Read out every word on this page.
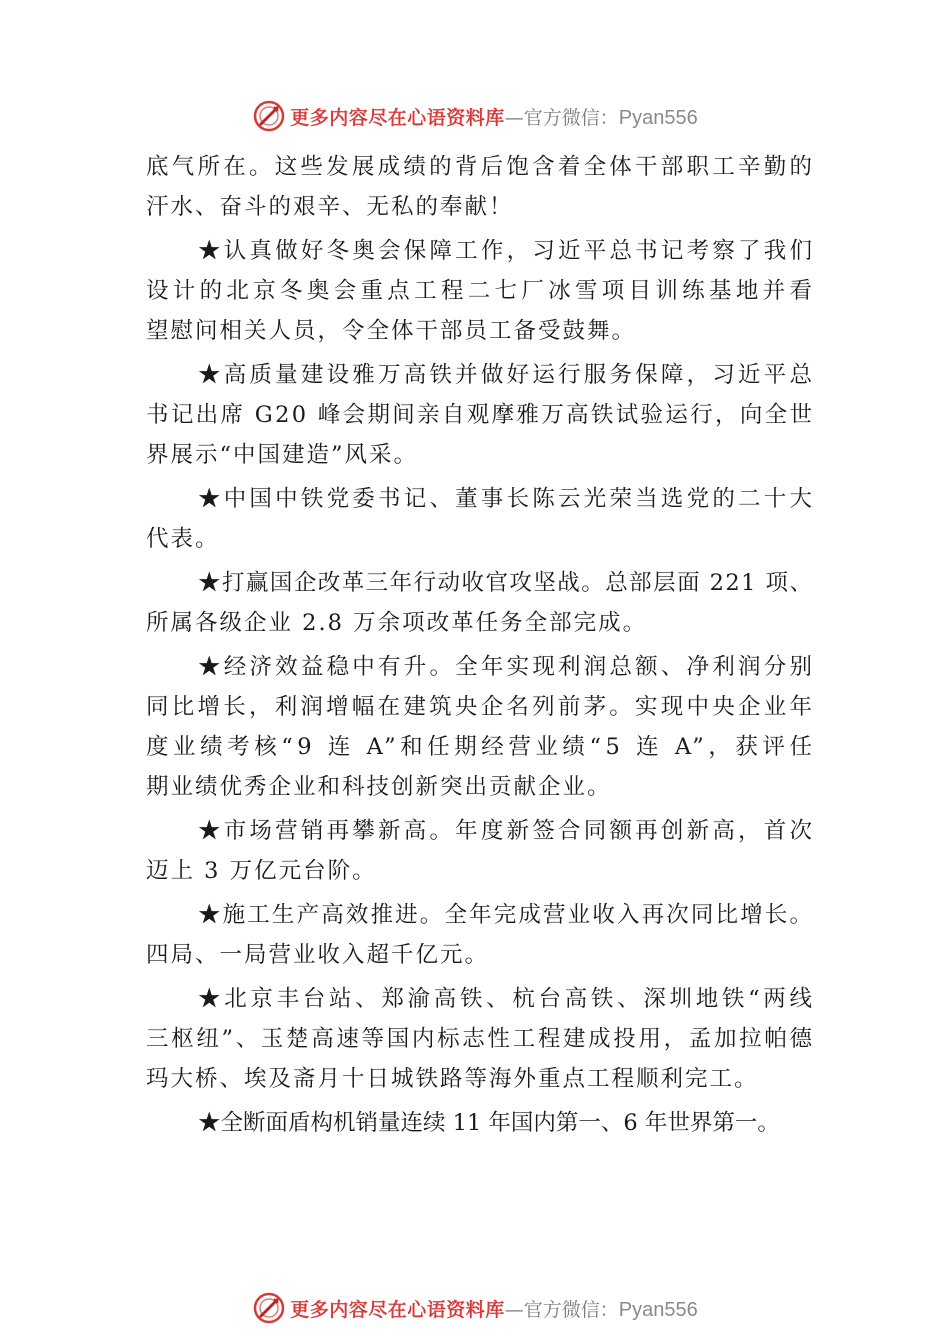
更多内容尽在心语资料库 —官方微信：Pyan556
底气所在。这些发展成绩的背后饱含着全体干部职工辛勤的
汗水、奋斗的艰辛、无私的奉献！
★认真做好冬奥会保障工作，习近平总书记考察了我们
设计的北京冬奥会重点工程二七厂冰雪项目训练基地并看
望慰问相关人员，令全体干部员工备受鼓舞。
★高质量建设雅万高铁并做好运行服务保障，习近平总
书记出席 G20 峰会期间亲自观摩雅万高铁试验运行，向全世
界展示“中国建造”风采。
★中国中铁党委书记、董事长陈云光荣当选党的二十大
代表。
★打赢国企改革三年行动收官攻坚战。总部层面 221 项、
所属各级企业 2.8 万余项改革任务全部完成。
★经济效益稳中有升。全年实现利润总额、净利润分别
同比增长，利润增幅在建筑央企名列前茅。实现中央企业年
度业绩考核“9 连 A”和任期经营业绩“5 连 A”，获评任
期业绩优秀企业和科技创新突出贡献企业。
★市场营销再攀新高。年度新签合同额再创新高，首次
迈上 3 万亿元台阶。
★施工生产高效推进。全年完成营业收入再次同比增长。
四局、一局营业收入超千亿元。
★北京丰台站、郑渝高铁、杭台高铁、深圳地铁“两线
三枢纽”、玉楚高速等国内标志性工程建成投用，孟加拉帕德
玛大桥、埃及斋月十日城铁路等海外重点工程顺利完工。
★全断面盾构机销量连续 11 年国内第一、6 年世界第一。
更多内容尽在心语资料库 —官方微信：Pyan556
